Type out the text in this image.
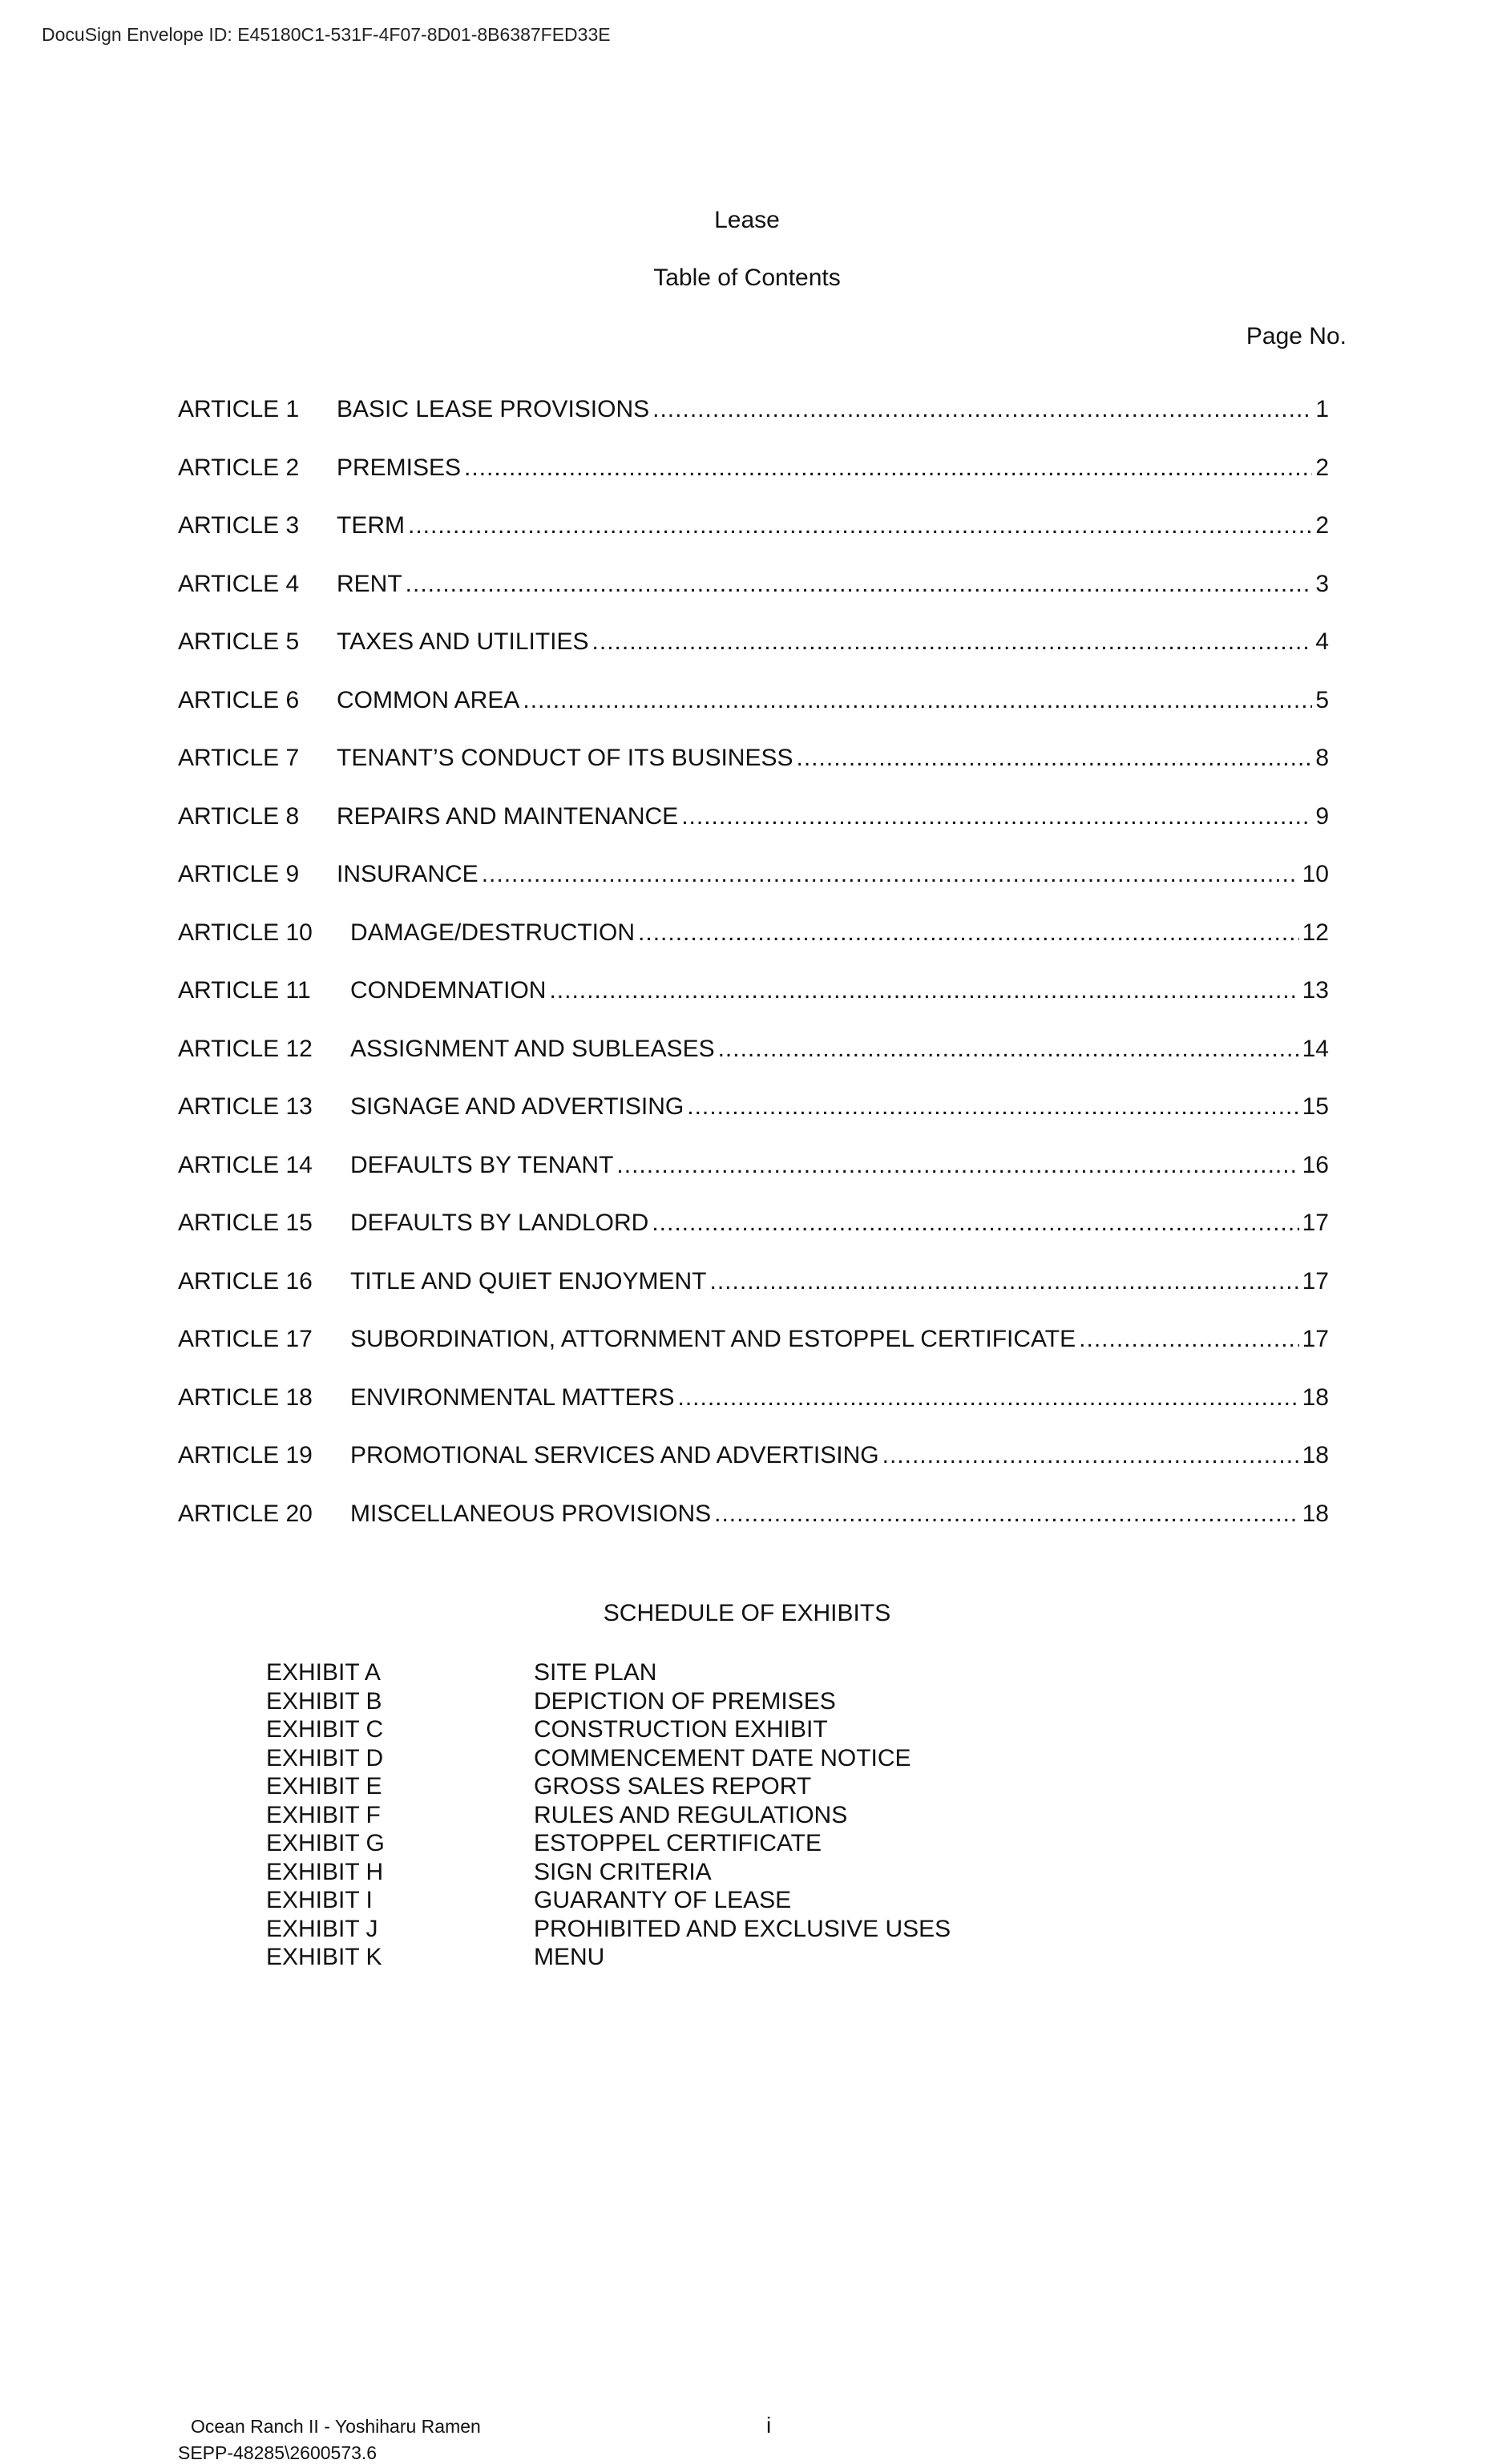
DocuSign Envelope ID: E45180C1-531F-4F07-8D01-8B6387FED33E
Lease
Table of Contents
Page No.
ARTICLE 1	BASIC LEASE PROVISIONS .....	1
ARTICLE 2	PREMISES .....	2
ARTICLE 3	TERM .....	2
ARTICLE 4	RENT .....	3
ARTICLE 5	TAXES AND UTILITIES .....	4
ARTICLE 6	COMMON AREA .....	5
ARTICLE 7	TENANT’S CONDUCT OF ITS BUSINESS .....	8
ARTICLE 8	REPAIRS AND MAINTENANCE .....	9
ARTICLE 9	INSURANCE .....	10
ARTICLE 10	DAMAGE/DESTRUCTION .....	12
ARTICLE 11	CONDEMNATION .....	13
ARTICLE 12	ASSIGNMENT AND SUBLEASES .....	14
ARTICLE 13	SIGNAGE AND ADVERTISING .....	15
ARTICLE 14	DEFAULTS BY TENANT .....	16
ARTICLE 15	DEFAULTS BY LANDLORD .....	17
ARTICLE 16	TITLE AND QUIET ENJOYMENT .....	17
ARTICLE 17	SUBORDINATION, ATTORNMENT AND ESTOPPEL CERTIFICATE .....	17
ARTICLE 18	ENVIRONMENTAL MATTERS .....	18
ARTICLE 19	PROMOTIONAL SERVICES AND ADVERTISING .....	18
ARTICLE 20	MISCELLANEOUS PROVISIONS .....	18
SCHEDULE OF EXHIBITS
EXHIBIT A	SITE PLAN
EXHIBIT B	DEPICTION OF PREMISES
EXHIBIT C	CONSTRUCTION EXHIBIT
EXHIBIT D	COMMENCEMENT DATE NOTICE
EXHIBIT E	GROSS SALES REPORT
EXHIBIT F	RULES AND REGULATIONS
EXHIBIT G	ESTOPPEL CERTIFICATE
EXHIBIT H	SIGN CRITERIA
EXHIBIT I	GUARANTY OF LEASE
EXHIBIT J	PROHIBITED AND EXCLUSIVE USES
EXHIBIT K	MENU
Ocean Ranch II - Yoshiharu Ramen	i
SEPP-48285\2600573.6
